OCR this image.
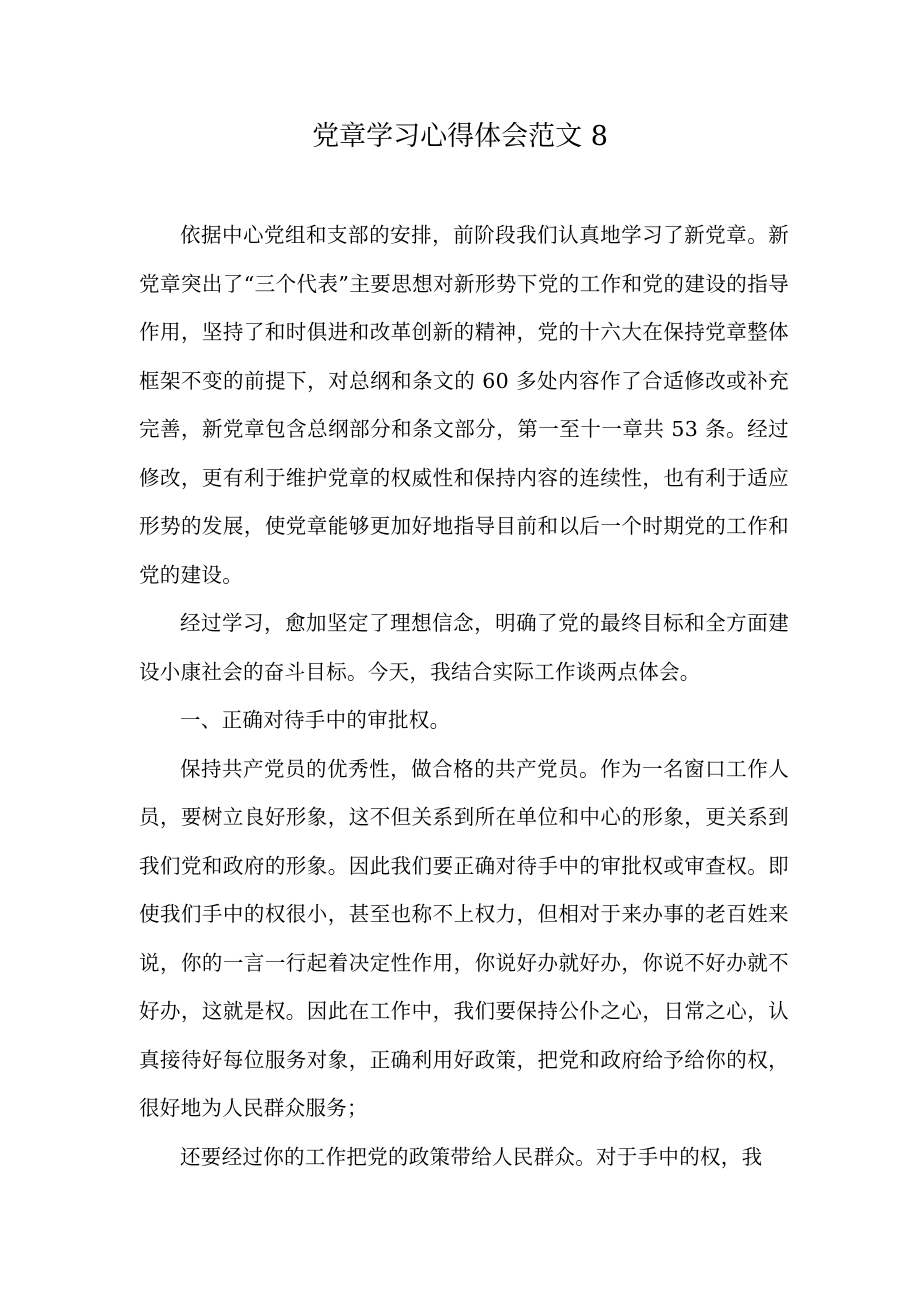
党章学习心得体会范文 8

依据中心党组和支部的安排，前阶段我们认真地学习了新党章。新党章突出了“三个代表”主要思想对新形势下党的工作和党的建设的指导作用，坚持了和时俱进和改革创新的精神，党的十六大在保持党章整体框架不变的前提下，对总纲和条文的 60 多处内容作了合适修改或补充完善，新党章包含总纲部分和条文部分，第一至十一章共 53 条。经过修改，更有利于维护党章的权威性和保持内容的连续性，也有利于适应形势的发展，使党章能够更加好地指导目前和以后一个时期党的工作和党的建设。

经过学习，愈加坚定了理想信念，明确了党的最终目标和全方面建设小康社会的奋斗目标。今天，我结合实际工作谈两点体会。

一、正确对待手中的审批权。

保持共产党员的优秀性，做合格的共产党员。作为一名窗口工作人员，要树立良好形象，这不但关系到所在单位和中心的形象，更关系到我们党和政府的形象。因此我们要正确对待手中的审批权或审查权。即使我们手中的权很小，甚至也称不上权力，但相对于来办事的老百姓来说，你的一言一行起着决定性作用，你说好办就好办，你说不好办就不好办，这就是权。因此在工作中，我们要保持公仆之心，日常之心，认真接待好每位服务对象，正确利用好政策，把党和政府给予给你的权，很好地为人民群众服务；

还要经过你的工作把党的政策带给人民群众。对于手中的权，我
